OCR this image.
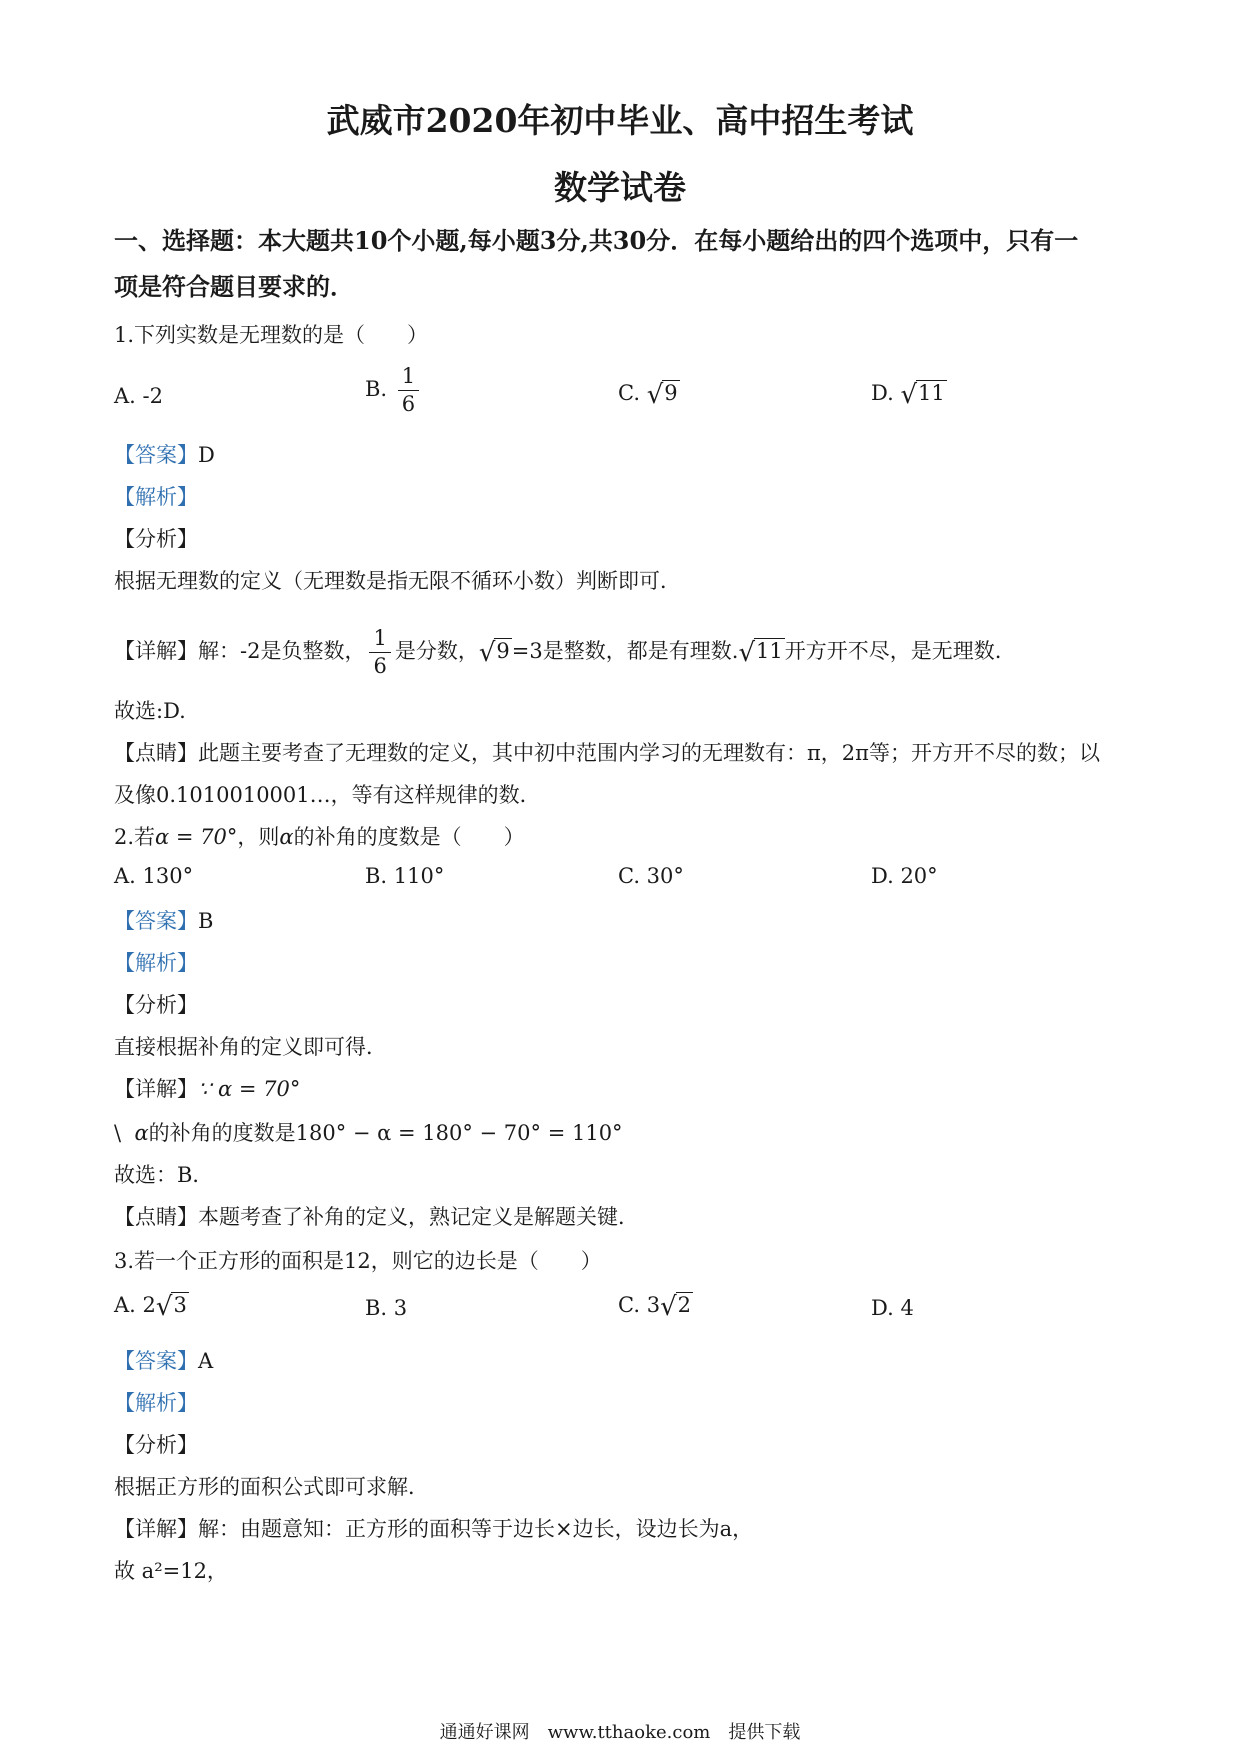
武威市2020年初中毕业、高中招生考试
数学试卷
一、选择题：本大题共10个小题,每小题3分,共30分．在每小题给出的四个选项中，只有一
项是符合题目要求的．
1.下列实数是无理数的是（　　）
A. -2	B. $\frac{1}{6}$	C. √9	D. √11
【答案】D
【解析】
【分析】
根据无理数的定义（无理数是指无限不循环小数）判断即可．
【详解】解：-2是负整数， $\frac{1}{6}$ 是分数，√9=3是整数，都是有理数.√11开方开不尽，是无理数.
故选:D.
【点睛】此题主要考查了无理数的定义，其中初中范围内学习的无理数有：π，2π等；开方开不尽的数；以
及像0.1010010001…，等有这样规律的数．
2.若α = 70°，则α的补角的度数是（　　）
A. 130°	B. 110°	C. 30°	D. 20°
【答案】B
【解析】
【分析】
直接根据补角的定义即可得．
【详解】∵ α = 70°
\ α的补角的度数是180° − α = 180° − 70° = 110°
故选：B．
【点睛】本题考查了补角的定义，熟记定义是解题关键．
3.若一个正方形的面积是12，则它的边长是（　　）
A. 2√3	B. 3	C. 3√2	D. 4
【答案】A
【解析】
【分析】
根据正方形的面积公式即可求解．
【详解】解：由题意知：正方形的面积等于边长×边长，设边长为a，
故 a²=12，
通通好课网　www.tthaoke.com　提供下载
